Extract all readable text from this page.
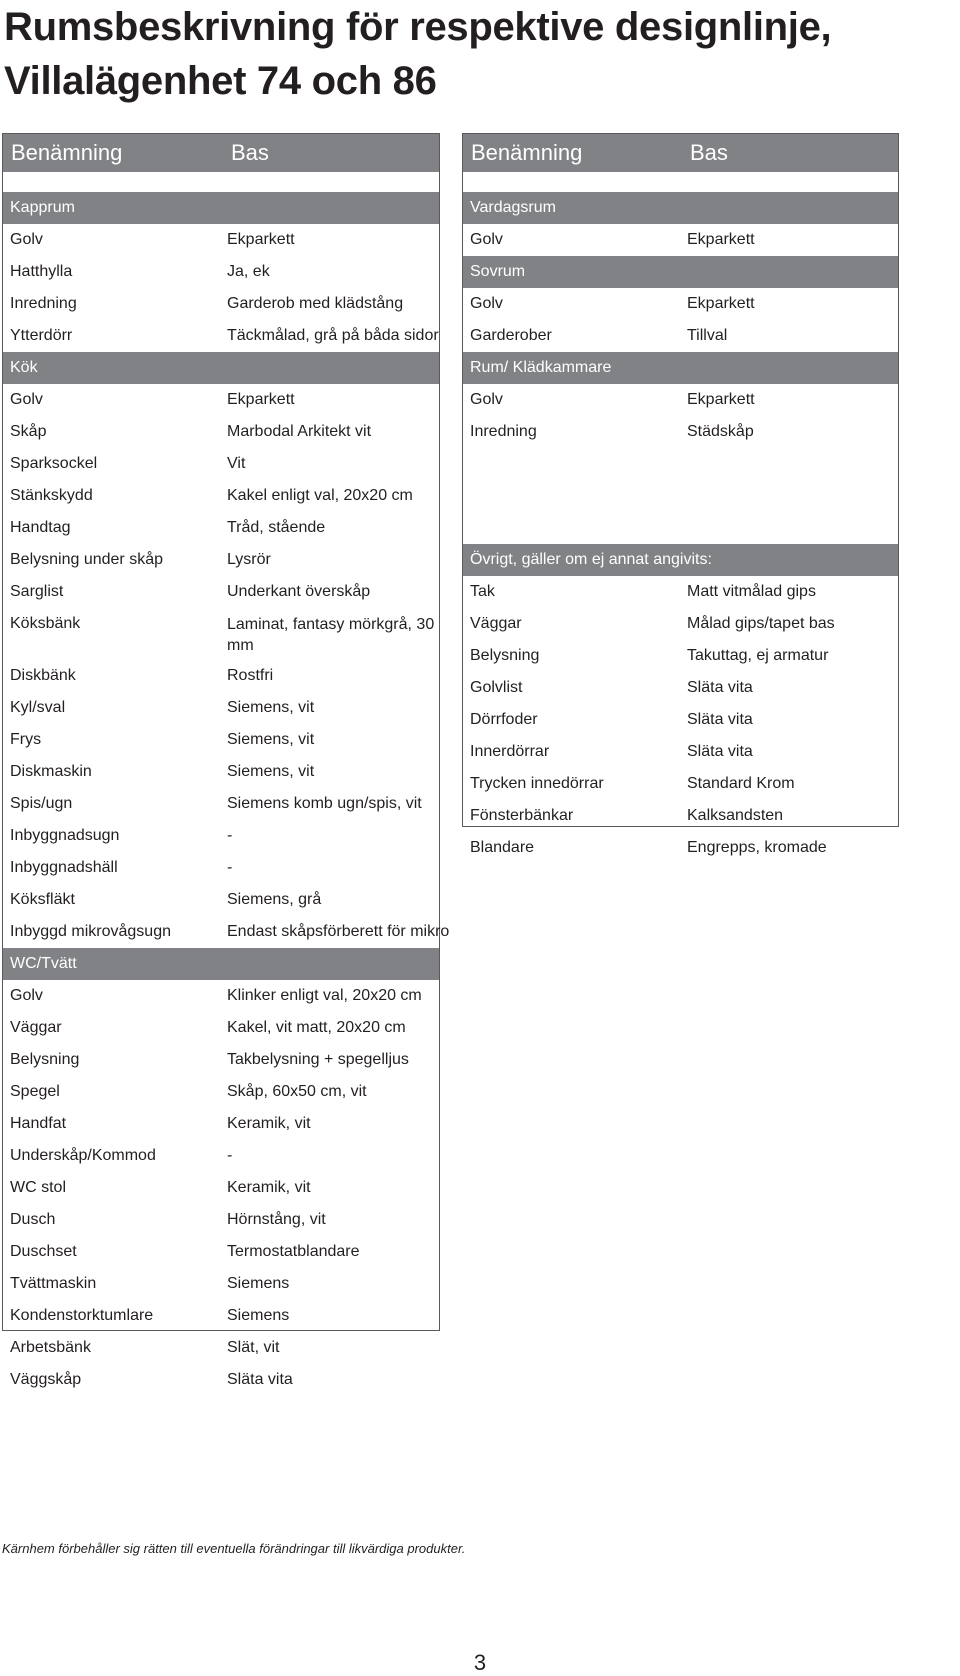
Rumsbeskrivning för respektive designlinje,
Villalägenhet 74 och 86
Benämning	Bas
Kapprum
Golv	Ekparkett
Hatthylla	Ja, ek
Inredning	Garderob med klädstång
Ytterdörr	Täckmålad, grå på båda sidor
Kök
Golv	Ekparkett
Skåp	Marbodal Arkitekt vit
Sparksockel	Vit
Stänkskydd	Kakel enligt val, 20x20 cm
Handtag	Tråd, stående
Belysning under skåp	Lysrör
Sarglist	Underkant överskåp
Köksbänk	Laminat, fantasy mörkgrå, 30 mm
Diskbänk	Rostfri
Kyl/sval	Siemens, vit
Frys	Siemens, vit
Diskmaskin	Siemens, vit
Spis/ugn	Siemens komb ugn/spis, vit
Inbyggnadsugn	-
Inbyggnadshäll	-
Köksfläkt	Siemens, grå
Inbyggd mikrovågsugn	Endast skåpsförberett för mikro
WC/Tvätt
Golv	Klinker enligt val, 20x20 cm
Väggar	Kakel, vit matt, 20x20 cm
Belysning	Takbelysning + spegelljus
Spegel	Skåp, 60x50 cm, vit
Handfat	Keramik, vit
Underskåp/Kommod	-
WC stol	Keramik, vit
Dusch	Hörnstång, vit
Duschset	Termostatblandare
Tvättmaskin	Siemens
Kondenstorktumlare	Siemens
Arbetsbänk	Slät, vit
Väggskåp	Släta vita
Benämning	Bas
Vardagsrum
Golv	Ekparkett
Sovrum
Golv	Ekparkett
Garderober	Tillval
Rum/ Klädkammare
Golv	Ekparkett
Inredning	Städskåp
Övrigt, gäller om ej annat angivits:
Tak	Matt vitmålad gips
Väggar	Målad gips/tapet bas
Belysning	Takuttag, ej armatur
Golvlist	Släta vita
Dörrfoder	Släta vita
Innerdörrar	Släta vita
Trycken innedörrar	Standard Krom
Fönsterbänkar	Kalksandsten
Blandare	Engrepps, kromade
Kärnhem förbehåller sig rätten till eventuella förändringar till likvärdiga produkter.
3
